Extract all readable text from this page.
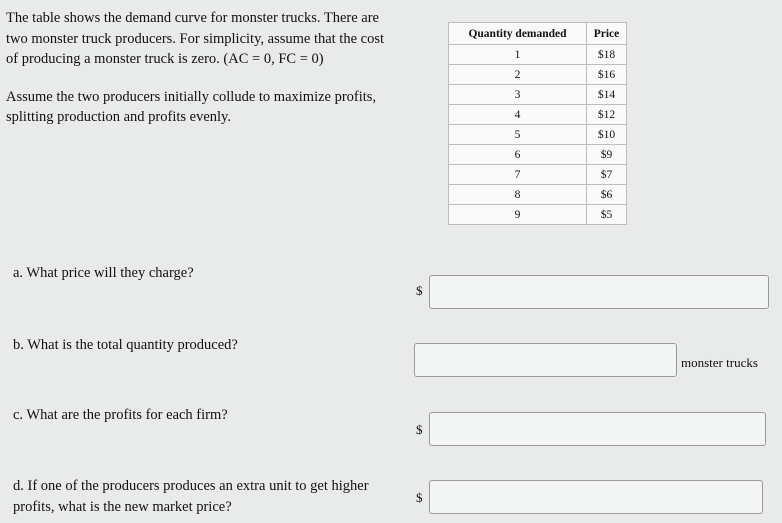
The table shows the demand curve for monster trucks. There are two monster truck producers. For simplicity, assume that the cost of producing a monster truck is zero. (AC = 0, FC = 0)

Assume the two producers initially collude to maximize profits, splitting production and profits evenly.

Quantity demanded	Price
1	$18
2	$16
3	$14
4	$12
5	$10
6	$9
7	$7
8	$6
9	$5
a. What price will they charge?
$
b. What is the total quantity produced?
monster trucks
c. What are the profits for each firm?
$
d. If one of the producers produces an extra unit to get higher profits, what is the new market price?
$
